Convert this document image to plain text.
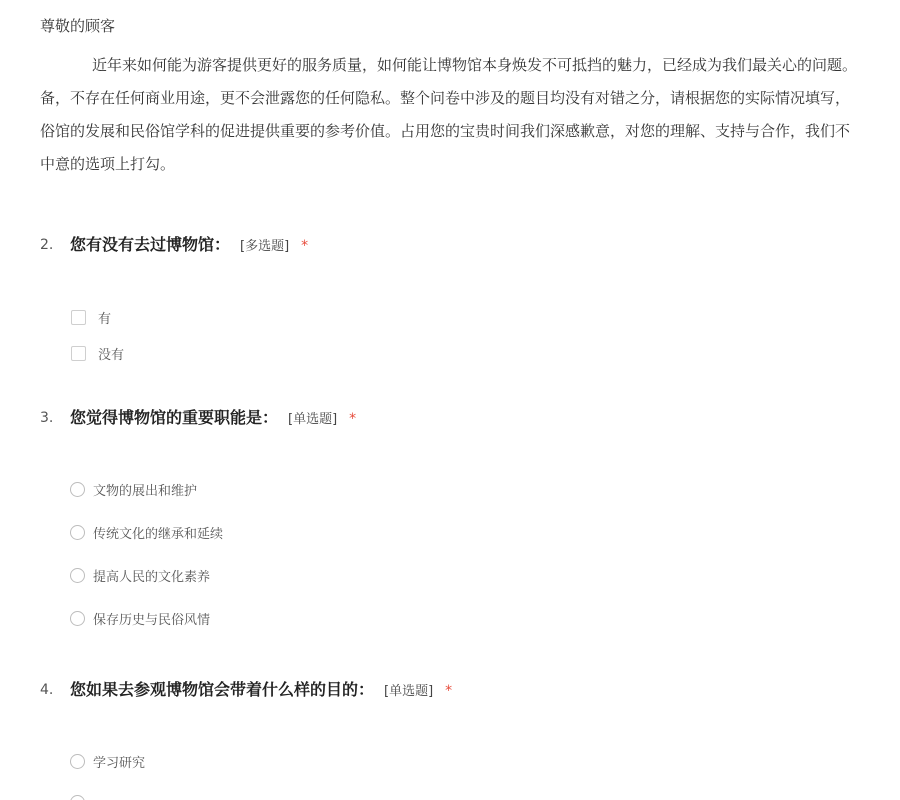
尊敬的顾客
近年来如何能为游客提供更好的服务质量，如何能让博物馆本身焕发不可抵挡的魅力，已经成为我们最关心的问题。
备，不存在任何商业用途，更不会泄露您的任何隐私。整个问卷中涉及的题目均没有对错之分，请根据您的实际情况填写，
俗馆的发展和民俗馆学科的促进提供重要的参考价值。占用您的宝贵时间我们深感歉意，对您的理解、支持与合作，我们不
中意的选项上打勾。
2. 您有没有去过博物馆： [多选题] *
有
没有
3. 您觉得博物馆的重要职能是： [单选题] *
文物的展出和维护
传统文化的继承和延续
提高人民的文化素养
保存历史与民俗风情
4. 您如果去参观博物馆会带着什么样的目的： [单选题] *
学习研究
